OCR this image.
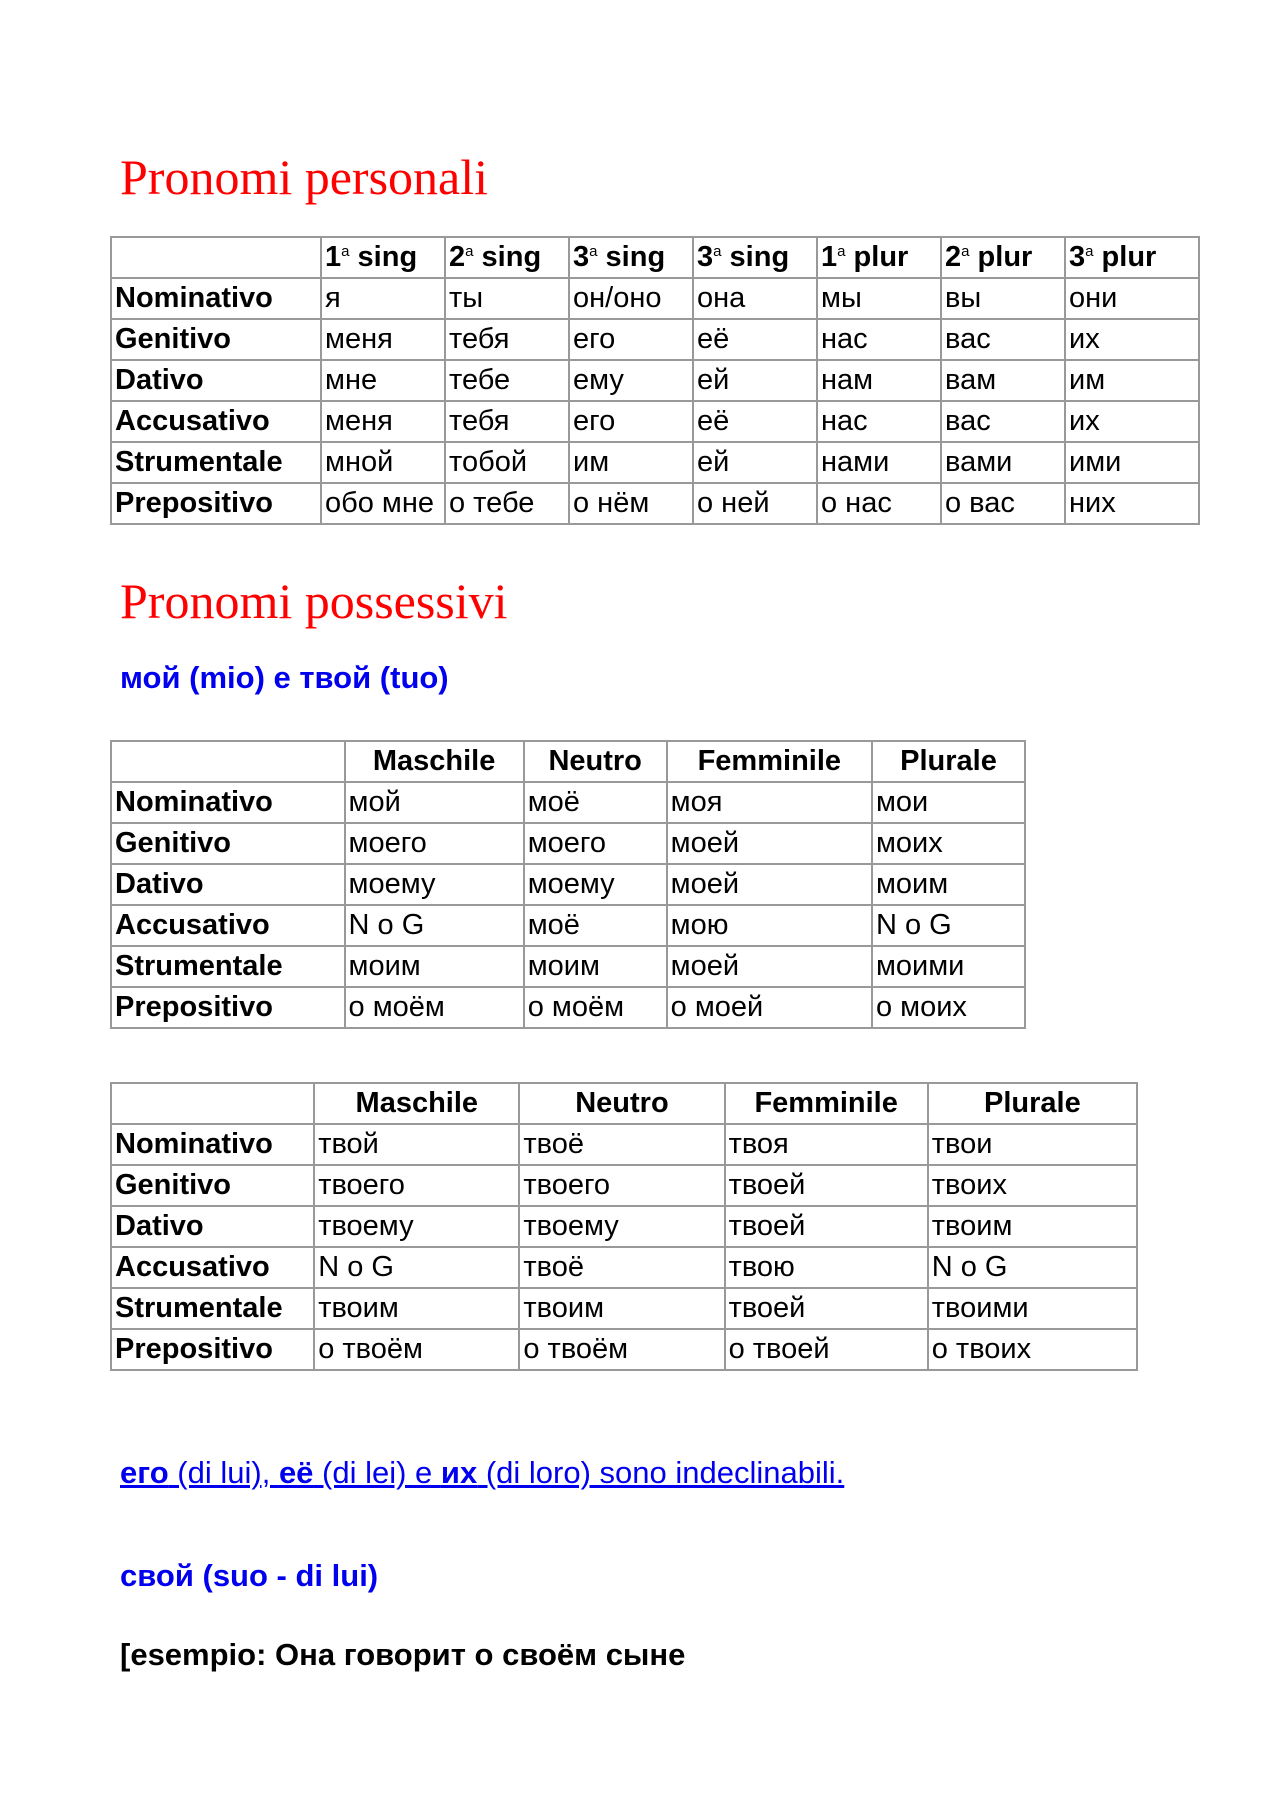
Pronomi personali
	1$^a$ sing	2$^a$ sing	3$^a$ sing	3$^a$ sing	1$^a$ plur	2$^a$ plur	3$^a$ plur
Nominativo	я	ты	он/оно	она	мы	вы	они
Genitivo	меня	тебя	его	её	нас	вас	их
Dativo	мне	тебе	ему	ей	нам	вам	им
Accusativo	меня	тебя	его	её	нас	вас	их
Strumentale	мной	тобой	им	ей	нами	вами	ими
Prepositivo	обо мне	о тебе	о нём	о ней	о нас	о вас	них
Pronomi possessivi
мой (mio) е твой (tuo)
	Maschile	Neutro	Femminile	Plurale
Nominativo	мой	моё	моя	мои
Genitivo	моего	моего	моей	моих
Dativo	моему	моему	моей	моим
Accusativo	N o G	моё	мою	N o G
Strumentale	моим	моим	моей	моими
Prepositivo	о моём	о моём	о моей	о моих
	Maschile	Neutro	Femminile	Plurale
Nominativo	твой	твоё	твоя	твои
Genitivo	твоего	твоего	твоей	твоих
Dativo	твоему	твоему	твоей	твоим
Accusativo	N o G	твоё	твою	N o G
Strumentale	твоим	твоим	твоей	твоими
Prepositivo	о твоём	о твоём	о твоей	о твоих

его (di lui), её (di lei) е их (di loro) sono indeclinabili.

свой (suo - di lui)

[esempio: Она говорит о своём сыне
